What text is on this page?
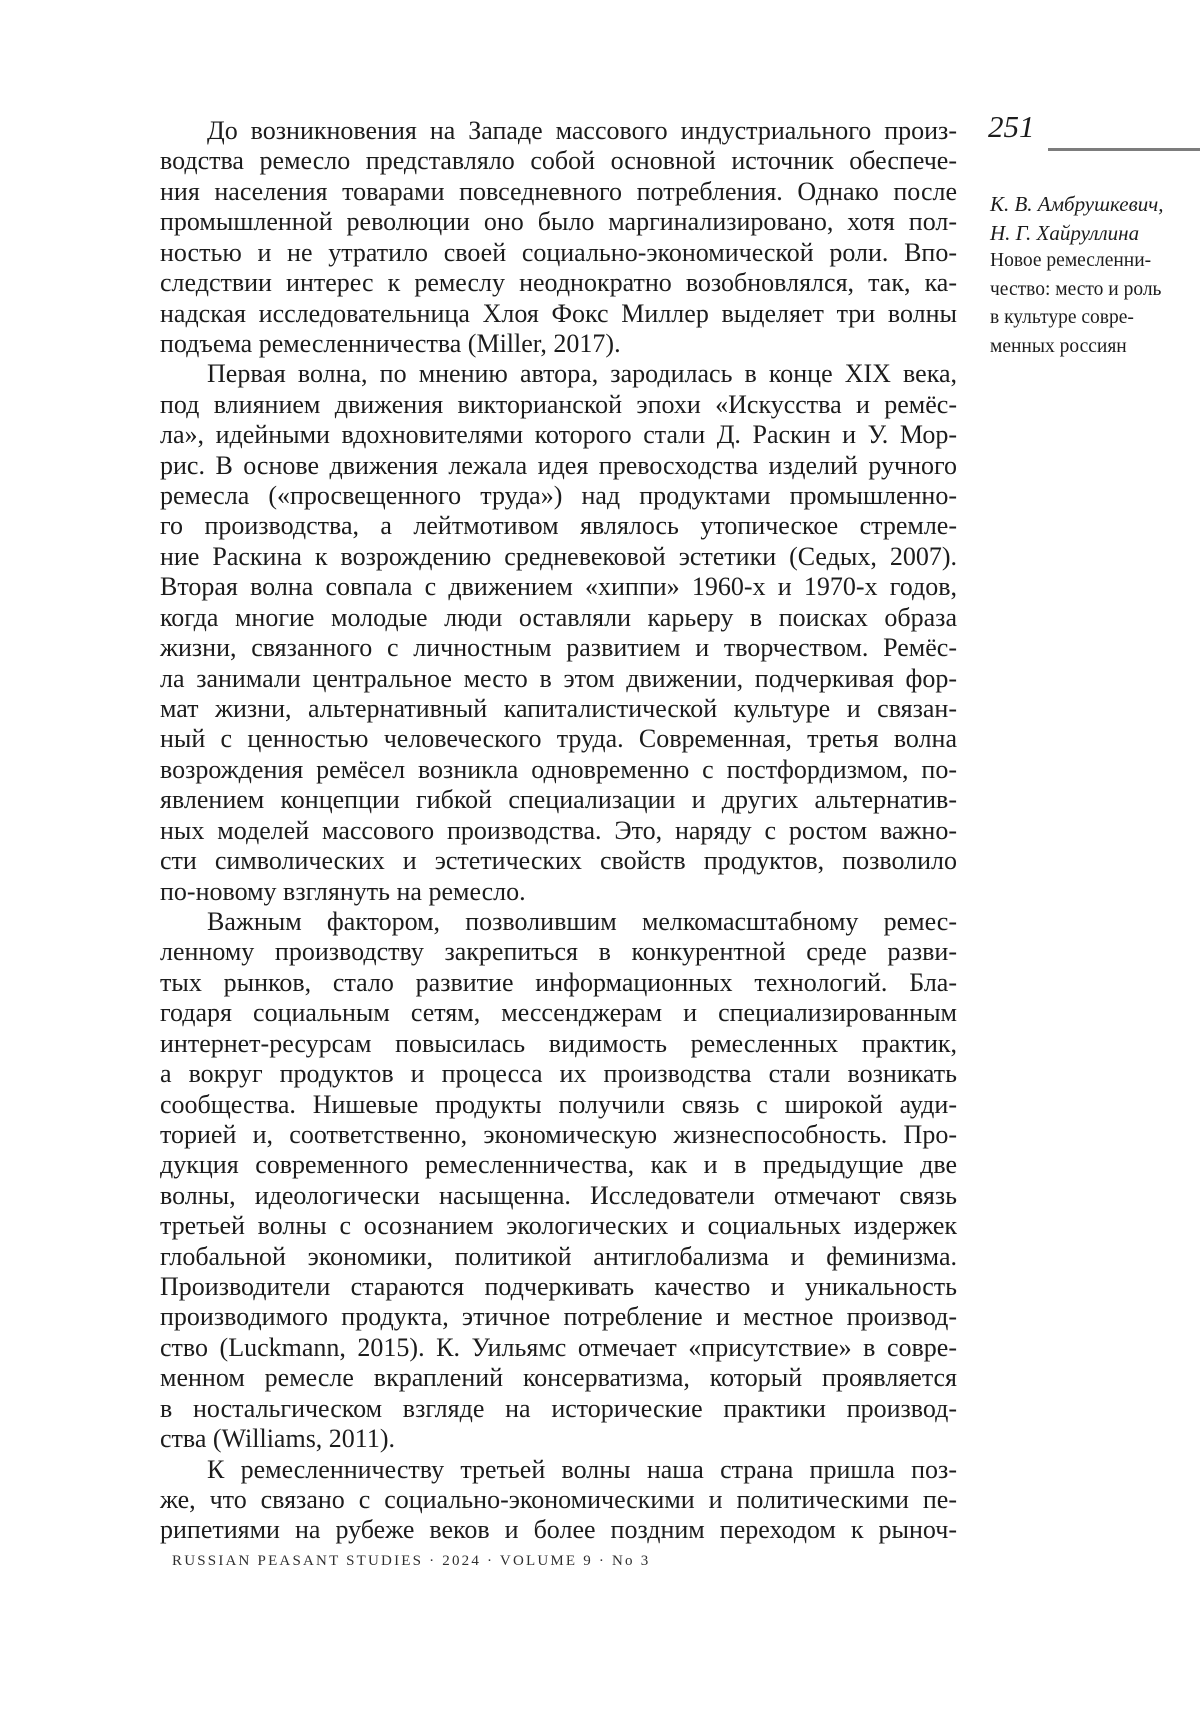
251
До возникновения на Западе массового индустриального произ-
водства ремесло представляло собой основной источник обеспече-
ния населения товарами повседневного потребления. Однако после
промышленной революции оно было маргинализировано, хотя пол-
ностью и не утратило своей социально-экономической роли. Впо-
следствии интерес к ремеслу неоднократно возобновлялся, так, ка-
надская исследовательница Хлоя Фокс Миллер выделяет три волны
подъема ремесленничества (Miller, 2017).
Первая волна, по мнению автора, зародилась в конце XIX века,
под влиянием движения викторианской эпохи «Искусства и ремёс-
ла», идейными вдохновителями которого стали Д. Раскин и У. Мор-
рис. В основе движения лежала идея превосходства изделий ручного
ремесла («просвещенного труда») над продуктами промышленно-
го производства, а лейтмотивом являлось утопическое стремле-
ние Раскина к возрождению средневековой эстетики (Седых, 2007).
Вторая волна совпала с движением «хиппи» 1960-х и 1970-х годов,
когда многие молодые люди оставляли карьеру в поисках образа
жизни, связанного с личностным развитием и творчеством. Ремёс-
ла занимали центральное место в этом движении, подчеркивая фор-
мат жизни, альтернативный капиталистической культуре и связан-
ный с ценностью человеческого труда. Современная, третья волна
возрождения ремёсел возникла одновременно с постфордизмом, по-
явлением концепции гибкой специализации и других альтернатив-
ных моделей массового производства. Это, наряду с ростом важно-
сти символических и эстетических свойств продуктов, позволило
по-новому взглянуть на ремесло.
Важным фактором, позволившим мелкомасштабному ремес-
ленному производству закрепиться в конкурентной среде разви-
тых рынков, стало развитие информационных технологий. Бла-
годаря социальным сетям, мессенджерам и специализированным
интернет-ресурсам повысилась видимость ремесленных практик,
а вокруг продуктов и процесса их производства стали возникать
сообщества. Нишевые продукты получили связь с широкой ауди-
торией и, соответственно, экономическую жизнеспособность. Про-
дукция современного ремесленничества, как и в предыдущие две
волны, идеологически насыщенна. Исследователи отмечают связь
третьей волны с осознанием экологических и социальных издержек
глобальной экономики, политикой антиглобализма и феминизма.
Производители стараются подчеркивать качество и уникальность
производимого продукта, этичное потребление и местное производ-
ство (Luckmann, 2015). К. Уильямс отмечает «присутствие» в совре-
менном ремесле вкраплений консерватизма, который проявляется
в ностальгическом взгляде на исторические практики производ-
ства (Williams, 2011).
К ремесленничеству третьей волны наша страна пришла поз-
же, что связано с социально-экономическими и политическими пе-
рипетиями на рубеже веков и более поздним переходом к рыноч-
К. В. Амбрушкевич,
Н. Г. Хайруллина
Новое ремесленни-
чество: место и роль
в культуре совре-
менных россиян
RUSSIAN PEASANT STUDIES · 2024 · VOLUME 9 · No 3
